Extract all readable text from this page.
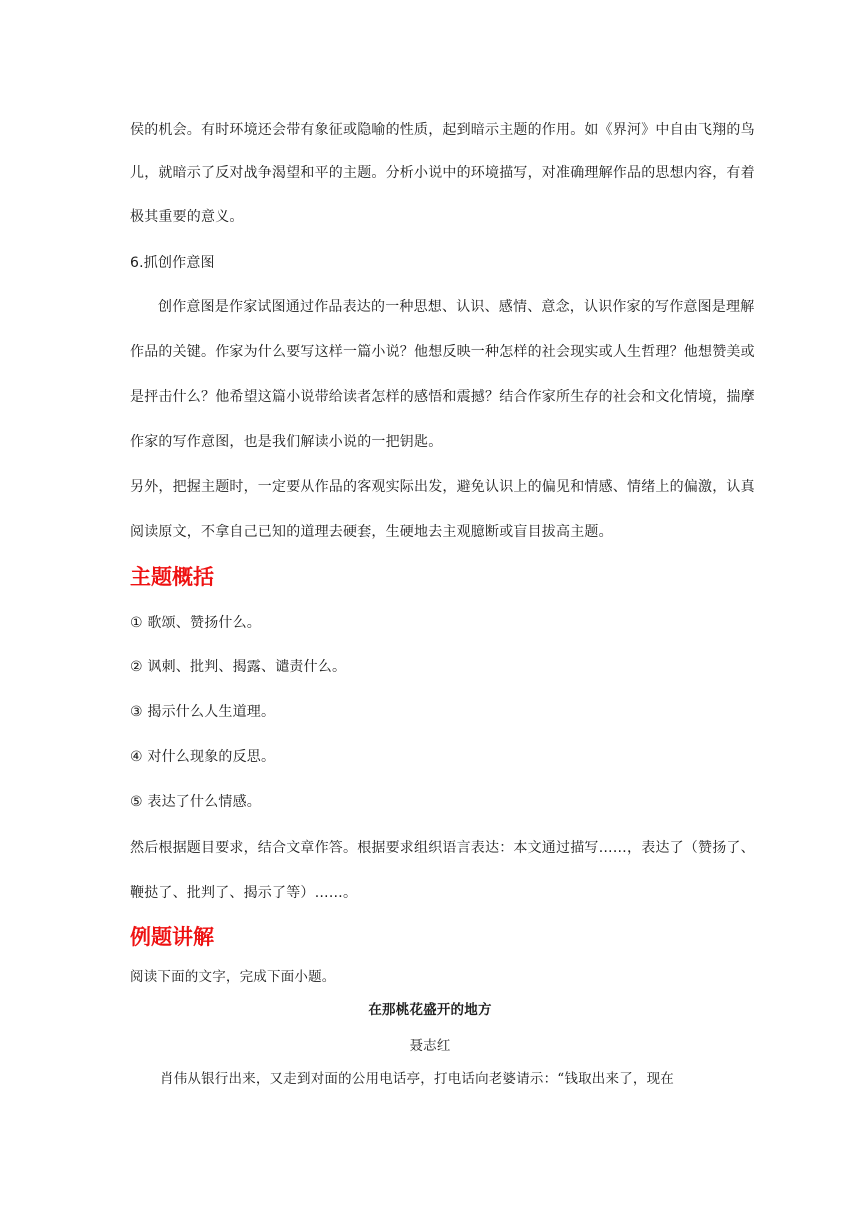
侯的机会。有时环境还会带有象征或隐喻的性质，起到暗示主题的作用。如《界河》中自由飞翔的鸟
儿，就暗示了反对战争渴望和平的主题。分析小说中的环境描写，对准确理解作品的思想内容，有着
极其重要的意义。
6.抓创作意图
创作意图是作家试图通过作品表达的一种思想、认识、感情、意念，认识作家的写作意图是理解
作品的关键。作家为什么要写这样一篇小说？他想反映一种怎样的社会现实或人生哲理？他想赞美或
是抨击什么？他希望这篇小说带给读者怎样的感悟和震撼？结合作家所生存的社会和文化情境，揣摩
作家的写作意图，也是我们解读小说的一把钥匙。
另外，把握主题时，一定要从作品的客观实际出发，避免认识上的偏见和情感、情绪上的偏激，认真
阅读原文，不拿自己已知的道理去硬套，生硬地去主观臆断或盲目拔高主题。
主题概括
① 歌颂、赞扬什么。
② 讽刺、批判、揭露、谴责什么。
③ 揭示什么人生道理。
④ 对什么现象的反思。
⑤ 表达了什么情感。
然后根据题目要求，结合文章作答。根据要求组织语言表达：本文通过描写……，表达了（赞扬了、
鞭挞了、批判了、揭示了等）……。
例题讲解
阅读下面的文字，完成下面小题。
在那桃花盛开的地方
聂志红
肖伟从银行出来，又走到对面的公用电话亭，打电话向老婆请示：“钱取出来了，现在
